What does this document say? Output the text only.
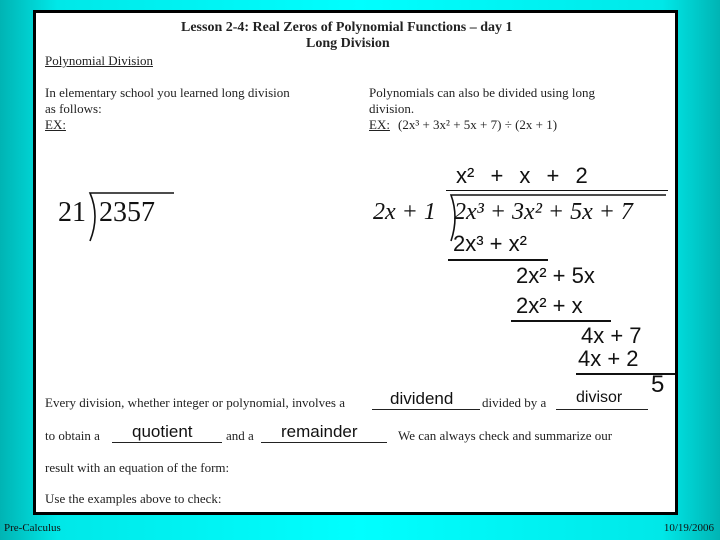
Lesson 2-4: Real Zeros of Polynomial Functions – day 1
Long Division
Polynomial Division
In elementary school you learned long division
as follows:
EX:
21 2357
Polynomials can also be divided using long
division.
EX: (2x³ + 3x² + 5x + 7) ÷ (2x + 1)
x² + x + 2
2x + 1 2x³ + 3x² + 5x + 7
2x³ + x²
2x² + 5x
2x² + x
4x + 7
4x + 2
5
Every division, whether integer or polynomial, involves a	dividend divided by a divisor
to obtain a quotient	and a remainder	We can always check and summarize our
result with an equation of the form:
Use the examples above to check:
Pre-Calculus	10/19/2006
